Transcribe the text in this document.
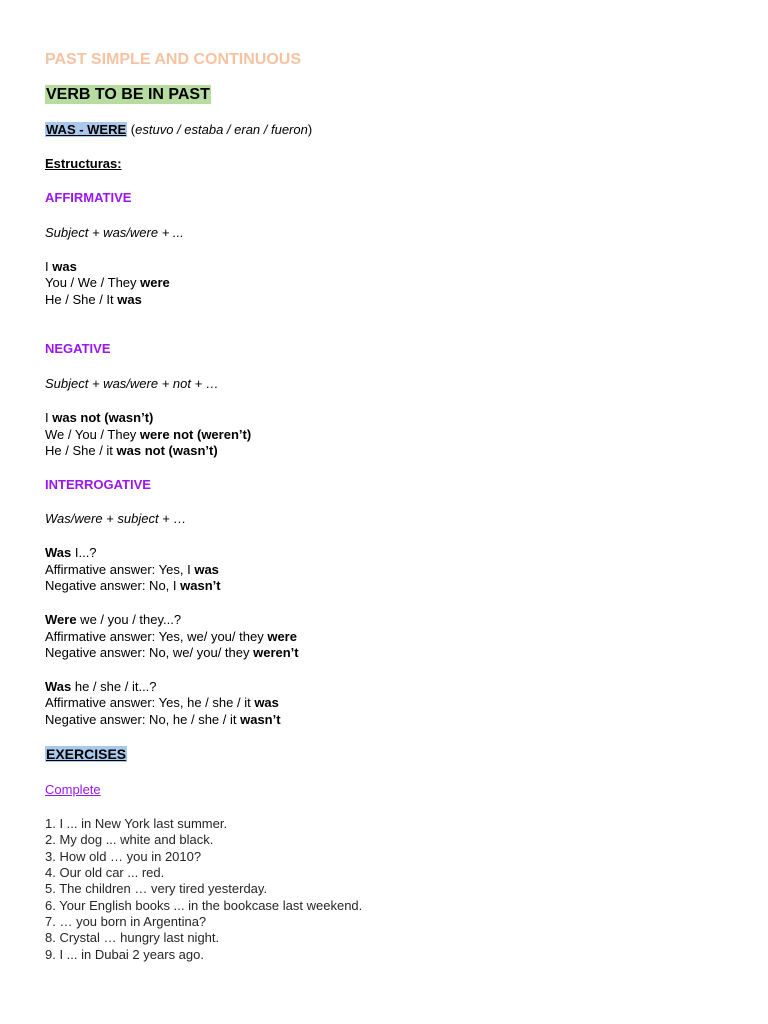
PAST SIMPLE AND CONTINUOUS
VERB TO BE IN PAST
WAS - WERE (estuvo / estaba / eran / fueron)
Estructuras:
AFFIRMATIVE
Subject + was/were + ...
I was
You / We / They were
He / She / It was
NEGATIVE
Subject + was/were + not + …
I was not (wasn’t)
We / You / They were not (weren’t)
He / She / it was not (wasn’t)
INTERROGATIVE
Was/were + subject + …
Was I...?
Affirmative answer: Yes, I was
Negative answer: No, I wasn’t
Were we / you / they...?
Affirmative answer: Yes, we/ you/ they were
Negative answer: No, we/ you/ they weren’t
Was he / she / it...?
Affirmative answer: Yes, he / she / it was
Negative answer: No, he / she / it wasn’t
EXERCISES
Complete
1. I ... in New York last summer.
2. My dog ... white and black.
3. How old … you in 2010?
4. Our old car ... red.
5. The children … very tired yesterday.
6. Your English books ... in the bookcase last weekend.
7. … you born in Argentina?
8. Crystal … hungry last night.
9. I ... in Dubai 2 years ago.
